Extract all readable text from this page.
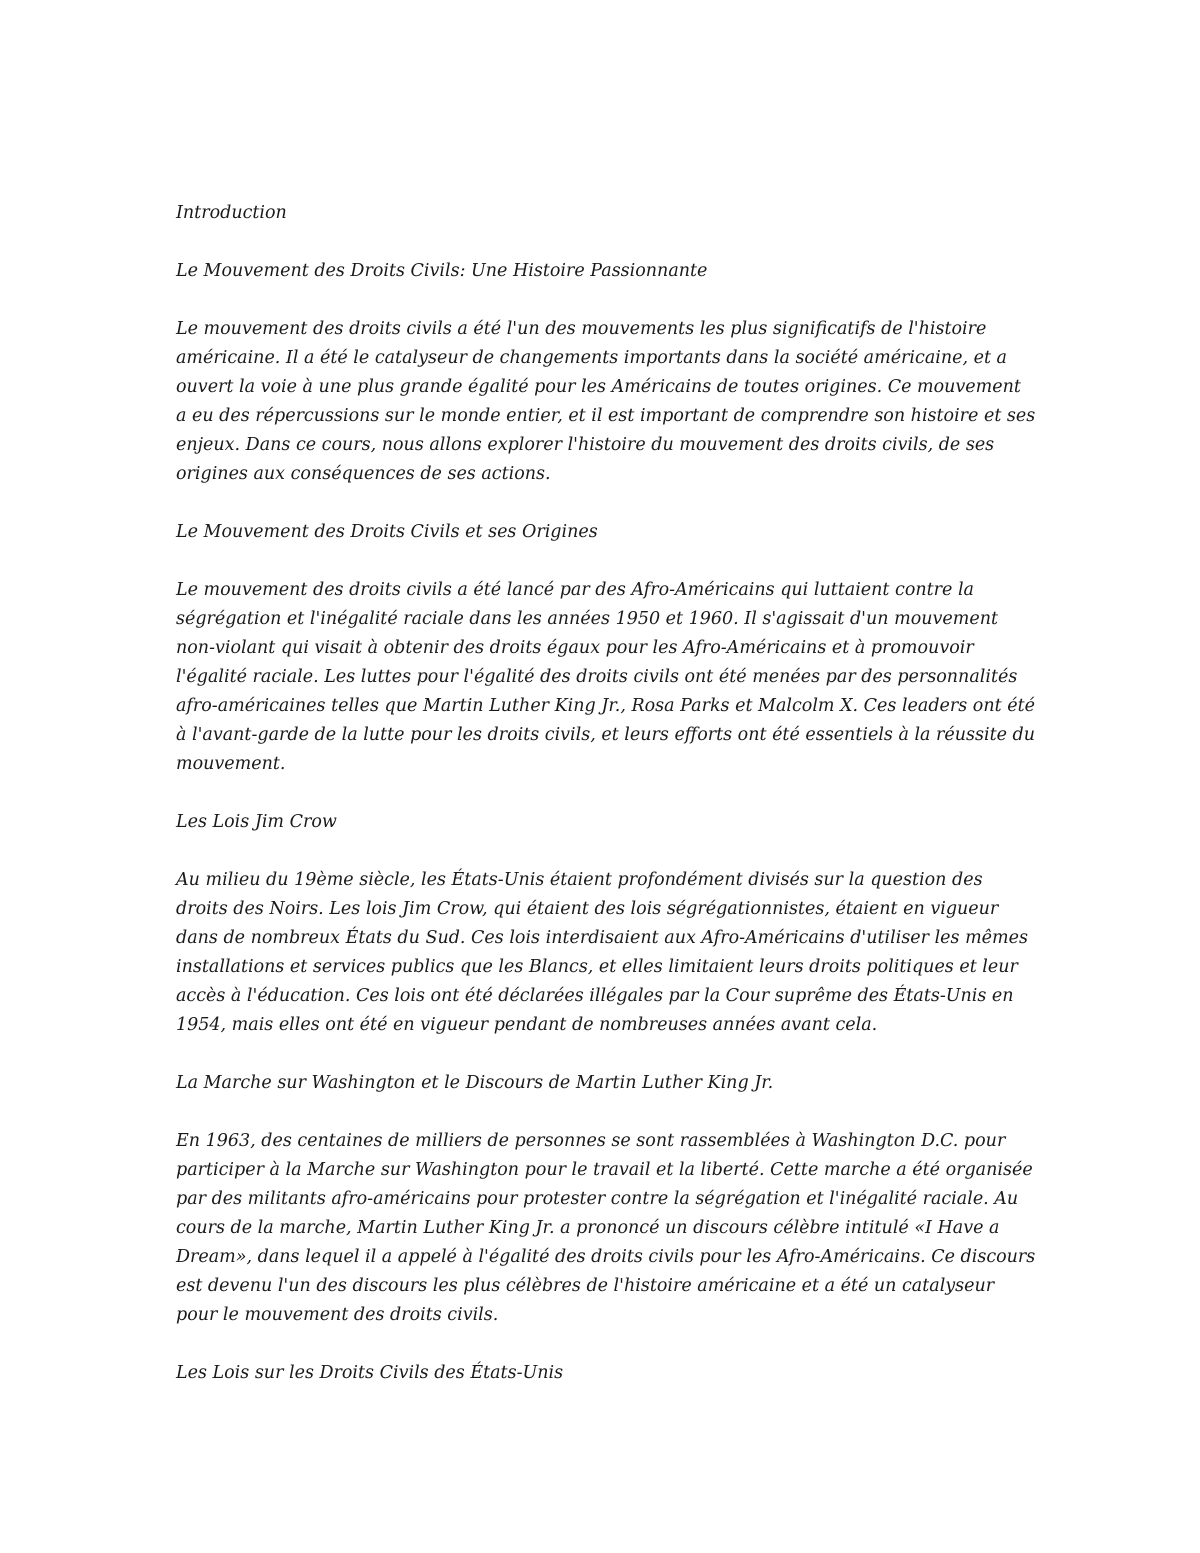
Introduction

Le Mouvement des Droits Civils: Une Histoire Passionnante

Le mouvement des droits civils a été l'un des mouvements les plus significatifs de l'histoire américaine. Il a été le catalyseur de changements importants dans la société américaine, et a ouvert la voie à une plus grande égalité pour les Américains de toutes origines. Ce mouvement a eu des répercussions sur le monde entier, et il est important de comprendre son histoire et ses enjeux. Dans ce cours, nous allons explorer l'histoire du mouvement des droits civils, de ses origines aux conséquences de ses actions.

Le Mouvement des Droits Civils et ses Origines

Le mouvement des droits civils a été lancé par des Afro-Américains qui luttaient contre la ségrégation et l'inégalité raciale dans les années 1950 et 1960. Il s'agissait d'un mouvement non-violant qui visait à obtenir des droits égaux pour les Afro-Américains et à promouvoir l'égalité raciale. Les luttes pour l'égalité des droits civils ont été menées par des personnalités afro-américaines telles que Martin Luther King Jr., Rosa Parks et Malcolm X. Ces leaders ont été à l'avant-garde de la lutte pour les droits civils, et leurs efforts ont été essentiels à la réussite du mouvement.

Les Lois Jim Crow

Au milieu du 19ème siècle, les États-Unis étaient profondément divisés sur la question des droits des Noirs. Les lois Jim Crow, qui étaient des lois ségrégationnistes, étaient en vigueur dans de nombreux États du Sud. Ces lois interdisaient aux Afro-Américains d'utiliser les mêmes installations et services publics que les Blancs, et elles limitaient leurs droits politiques et leur accès à l'éducation. Ces lois ont été déclarées illégales par la Cour suprême des États-Unis en 1954, mais elles ont été en vigueur pendant de nombreuses années avant cela.

La Marche sur Washington et le Discours de Martin Luther King Jr.

En 1963, des centaines de milliers de personnes se sont rassemblées à Washington D.C. pour participer à la Marche sur Washington pour le travail et la liberté. Cette marche a été organisée par des militants afro-américains pour protester contre la ségrégation et l'inégalité raciale. Au cours de la marche, Martin Luther King Jr. a prononcé un discours célèbre intitulé «I Have a Dream», dans lequel il a appelé à l'égalité des droits civils pour les Afro-Américains. Ce discours est devenu l'un des discours les plus célèbres de l'histoire américaine et a été un catalyseur pour le mouvement des droits civils.

Les Lois sur les Droits Civils des États-Unis
